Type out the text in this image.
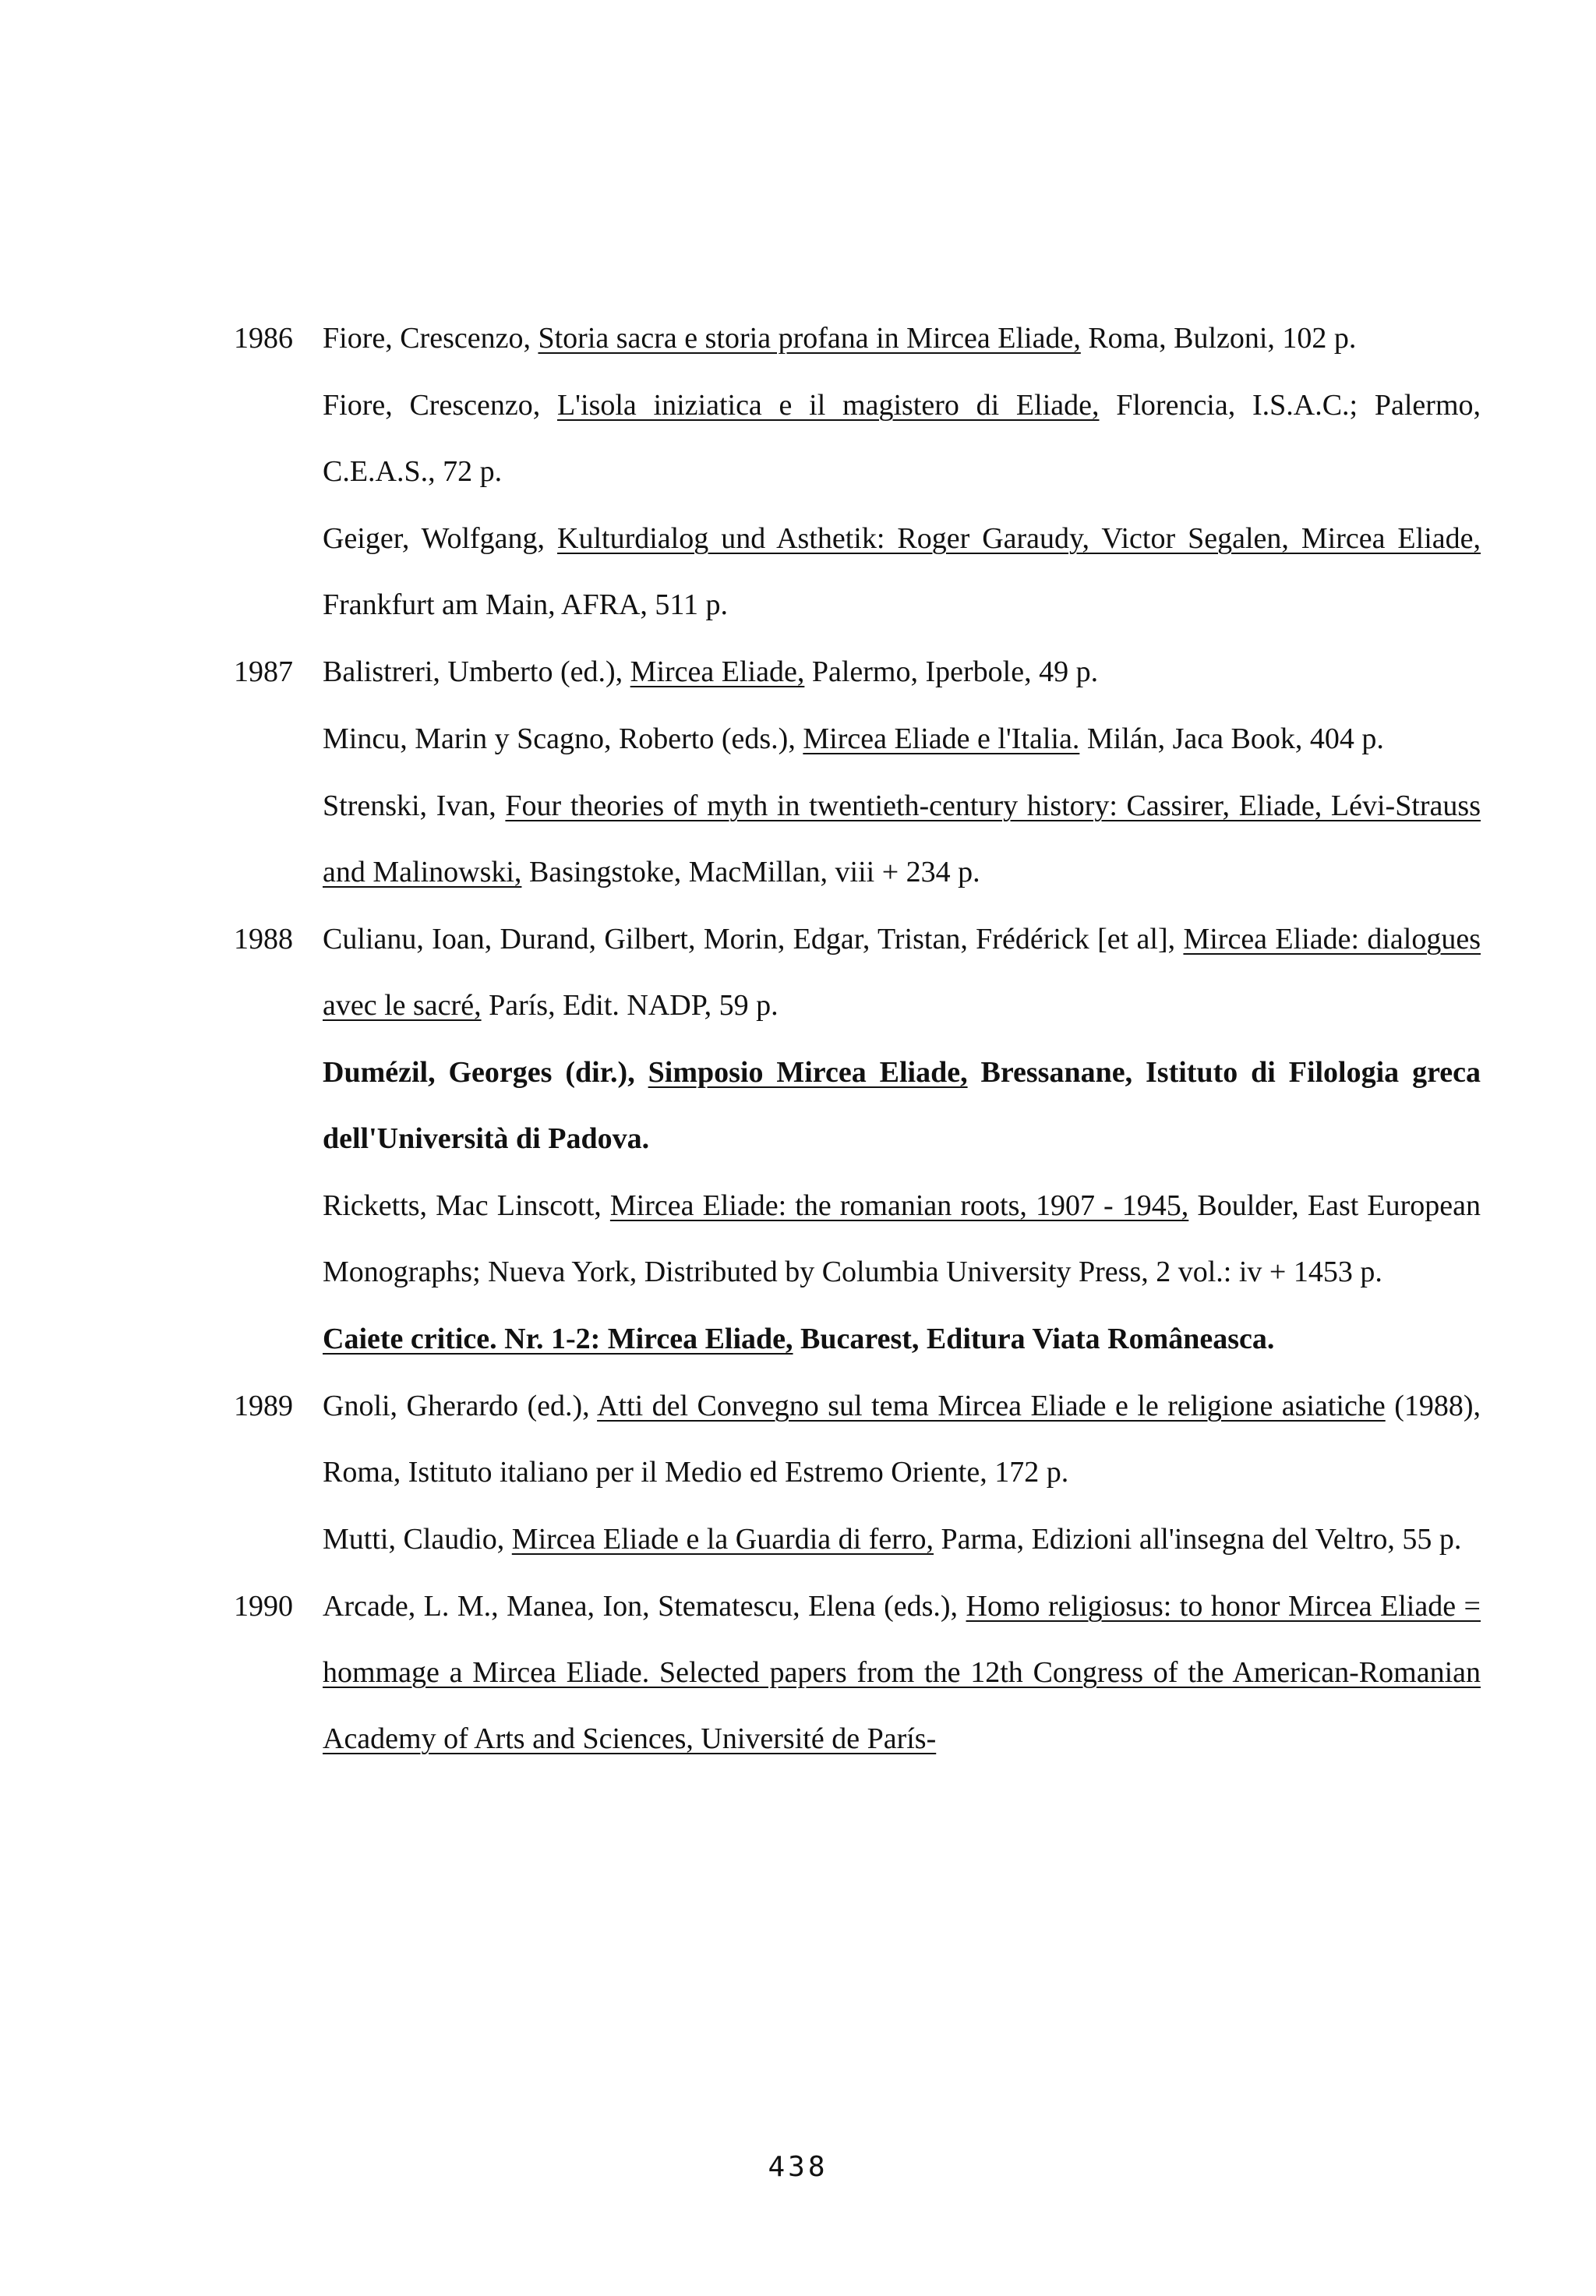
1986	Fiore, Crescenzo, Storia sacra e storia profana in Mircea Eliade, Roma, Bulzoni, 102 p.
Fiore, Crescenzo, L'isola iniziatica e il magistero di Eliade, Florencia, I.S.A.C.; Palermo, C.E.A.S., 72 p.
Geiger, Wolfgang, Kulturdialog und Asthetik: Roger Garaudy, Victor Segalen, Mircea Eliade, Frankfurt am Main, AFRA, 511 p.
1987	Balistreri, Umberto (ed.), Mircea Eliade, Palermo, Iperbole, 49 p.
Mincu, Marin y Scagno, Roberto (eds.), Mircea Eliade e l'Italia. Milán, Jaca Book, 404 p.
Strenski, Ivan, Four theories of myth in twentieth-century history: Cassirer, Eliade, Lévi-Strauss and Malinowski, Basingstoke, MacMillan, viii + 234 p.
1988	Culianu, Ioan, Durand, Gilbert, Morin, Edgar, Tristan, Frédérick [et al], Mircea Eliade: dialogues avec le sacré, París, Edit. NADP, 59 p.
Dumézil, Georges (dir.), Simposio Mircea Eliade, Bressanane, Istituto di Filologia greca dell'Università di Padova.
Ricketts, Mac Linscott, Mircea Eliade: the romanian roots, 1907 - 1945, Boulder, East European Monographs; Nueva York, Distributed by Columbia University Press, 2 vol.: iv + 1453 p.
Caiete critice. Nr. 1-2: Mircea Eliade, Bucarest, Editura Viata Româneasca.
1989	Gnoli, Gherardo (ed.), Atti del Convegno sul tema Mircea Eliade e le religione asiatiche (1988), Roma, Istituto italiano per il Medio ed Estremo Oriente, 172 p.
Mutti, Claudio, Mircea Eliade e la Guardia di ferro, Parma, Edizioni all'insegna del Veltro, 55 p.
1990	Arcade, L. M., Manea, Ion, Stematescu, Elena (eds.), Homo religiosus: to honor Mircea Eliade = hommage a Mircea Eliade. Selected papers from the 12th Congress of the American-Romanian Academy of Arts and Sciences, Université de París-
438
